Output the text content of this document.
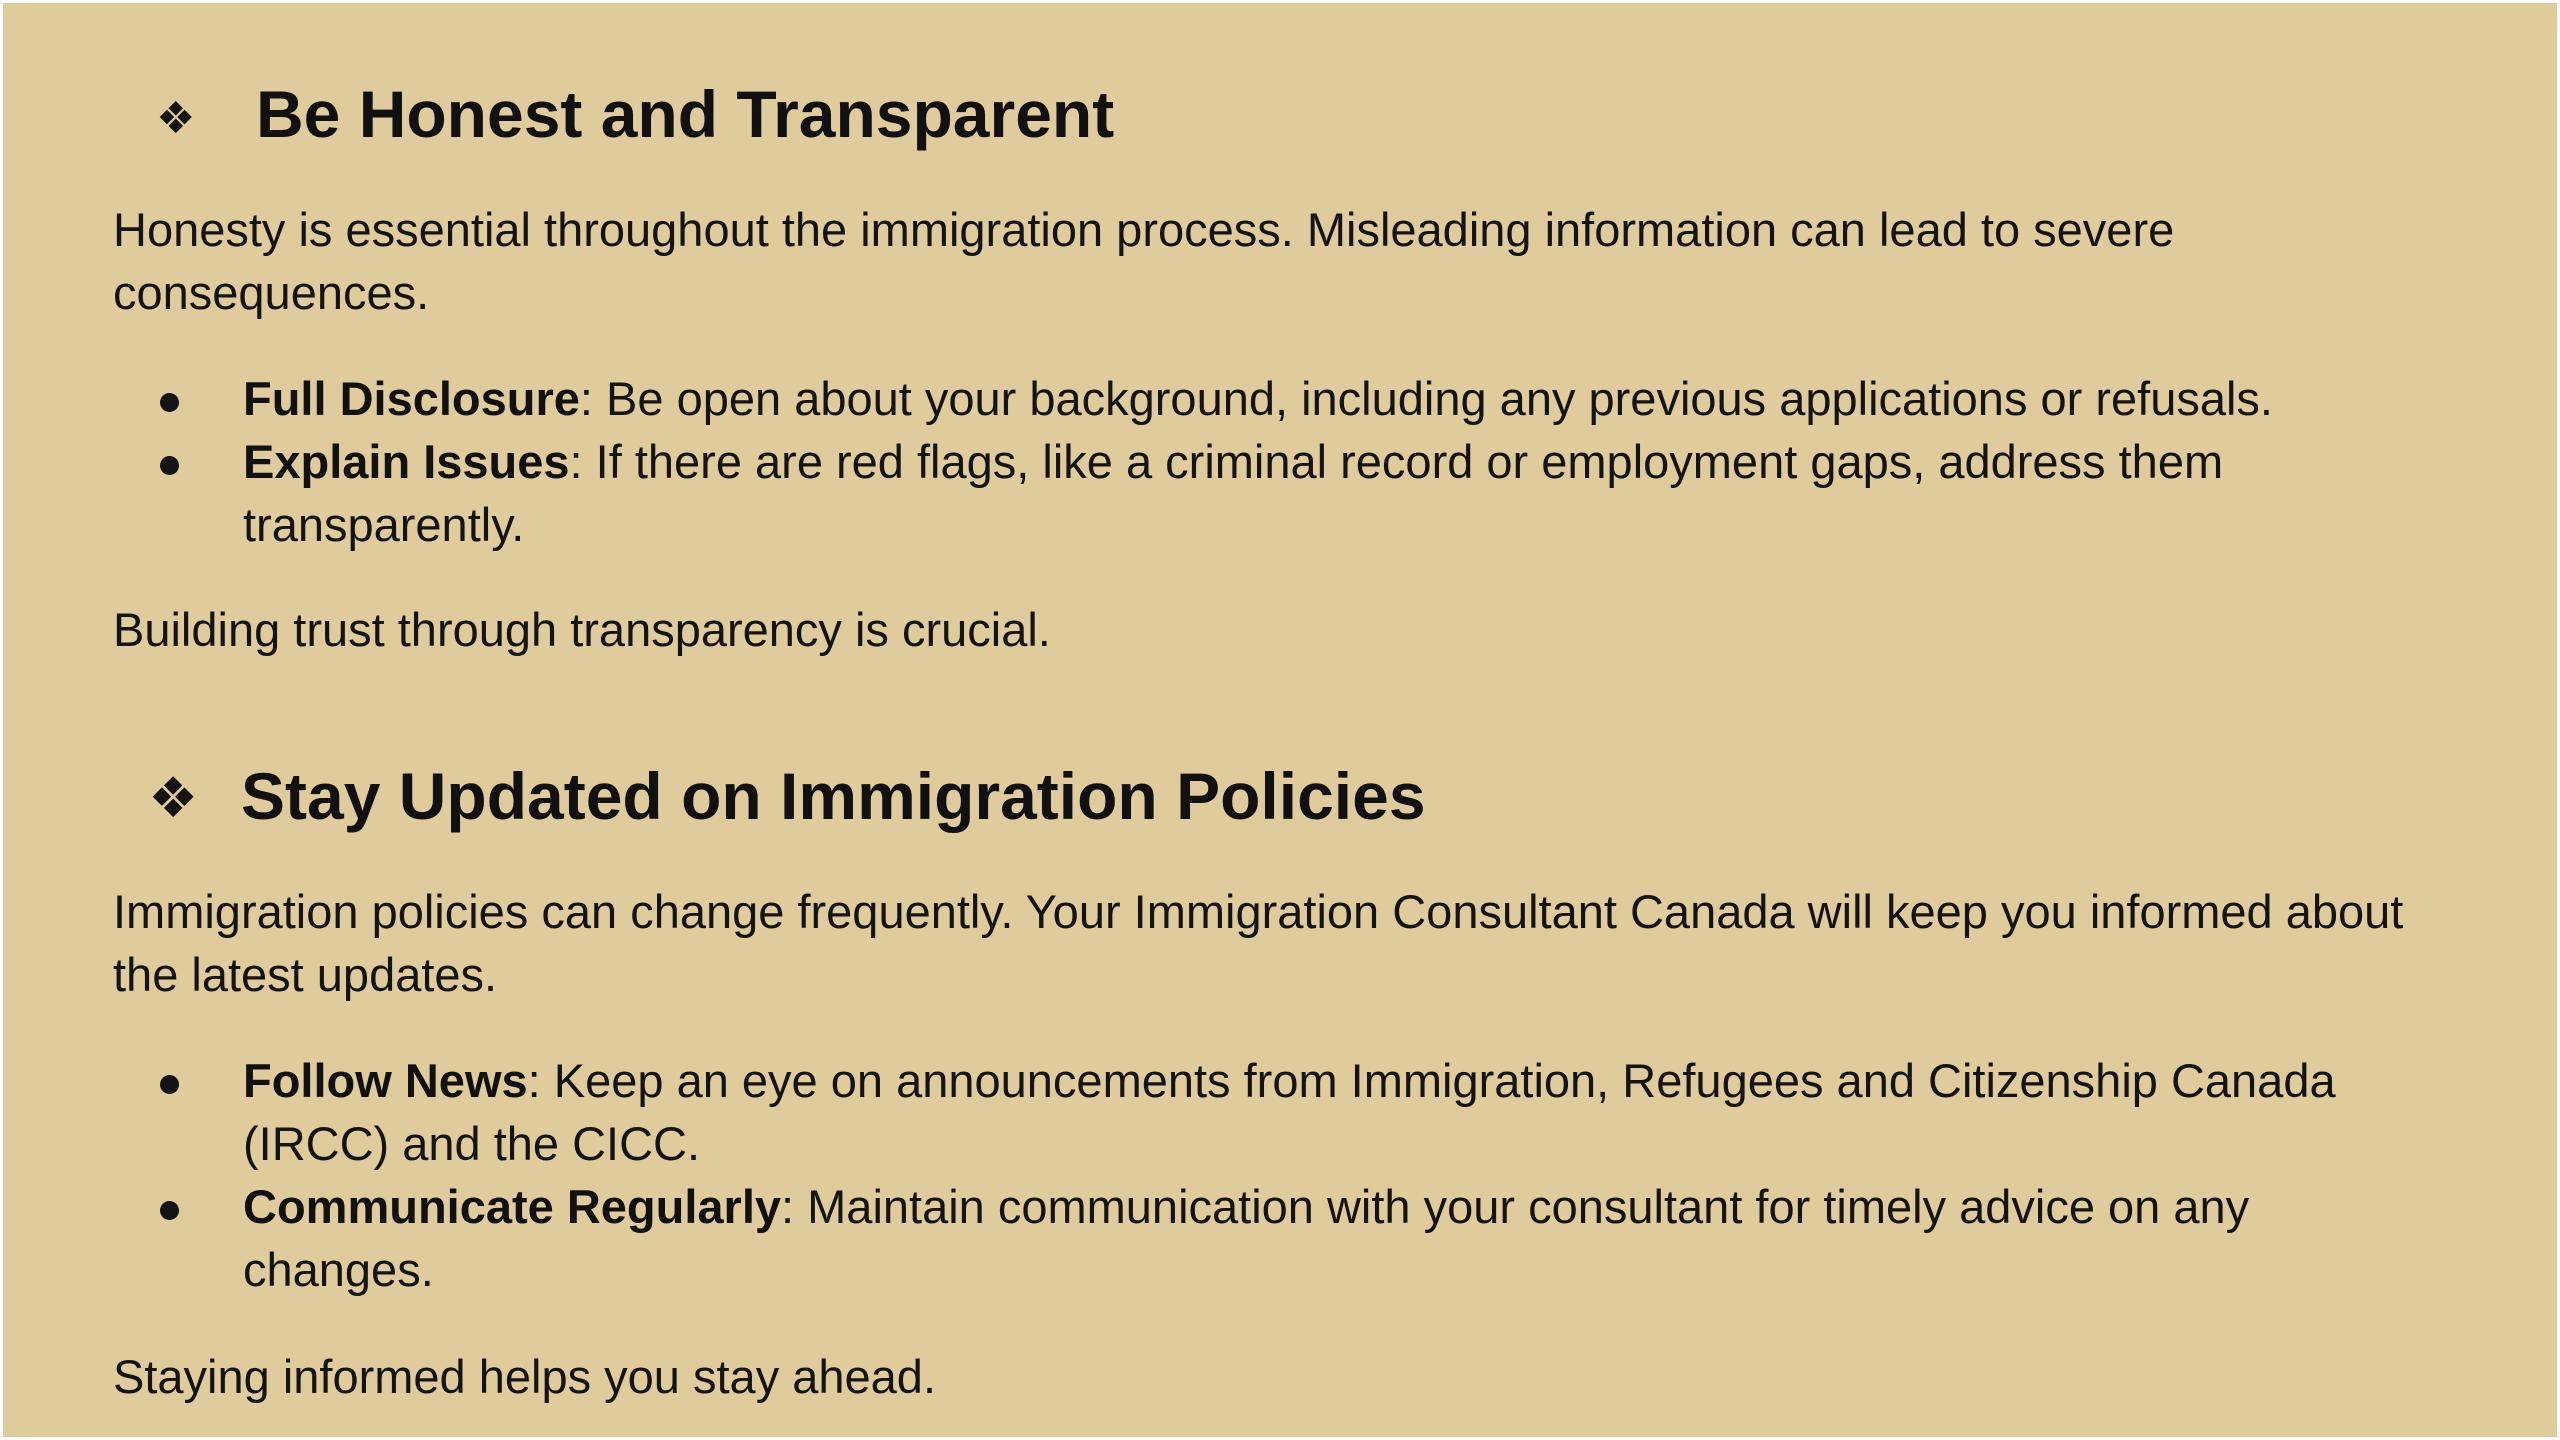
❖ Be Honest and Transparent

Honesty is essential throughout the immigration process. Misleading information can lead to severe consequences.

Full Disclosure: Be open about your background, including any previous applications or refusals.
Explain Issues: If there are red flags, like a criminal record or employment gaps, address them transparently.

Building trust through transparency is crucial.

❖ Stay Updated on Immigration Policies

Immigration policies can change frequently. Your Immigration Consultant Canada will keep you informed about the latest updates.

Follow News: Keep an eye on announcements from Immigration, Refugees and Citizenship Canada (IRCC) and the CICC.
Communicate Regularly: Maintain communication with your consultant for timely advice on any changes.

Staying informed helps you stay ahead.
